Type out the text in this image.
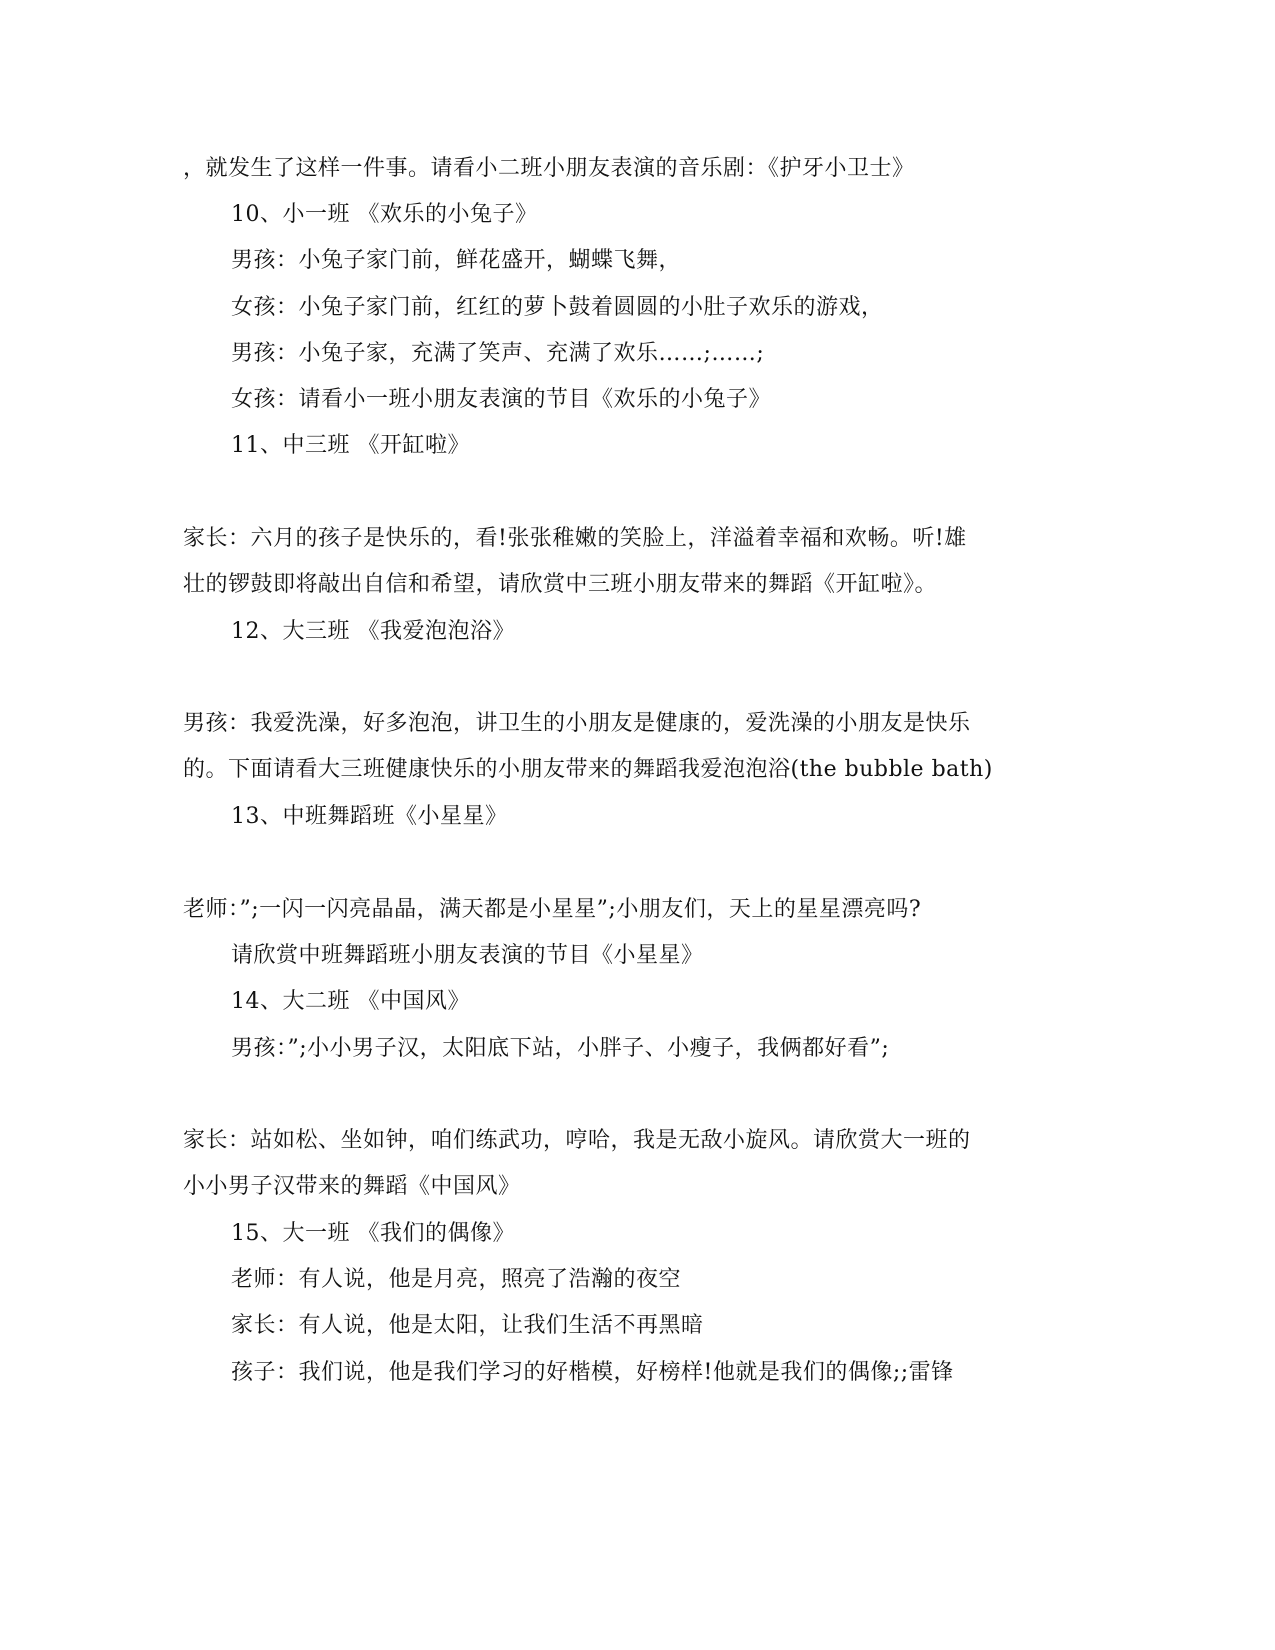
，就发生了这样一件事。请看小二班小朋友表演的音乐剧：《护牙小卫士》
10、小一班 《欢乐的小兔子》
男孩：小兔子家门前，鲜花盛开，蝴蝶飞舞，
女孩：小兔子家门前，红红的萝卜鼓着圆圆的小肚子欢乐的游戏，
男孩：小兔子家，充满了笑声、充满了欢乐……;……;
女孩：请看小一班小朋友表演的节目《欢乐的小兔子》
11、中三班 《开缸啦》
家长：六月的孩子是快乐的，看!张张稚嫩的笑脸上，洋溢着幸福和欢畅。听!雄
壮的锣鼓即将敲出自信和希望，请欣赏中三班小朋友带来的舞蹈《开缸啦》。
12、大三班 《我爱泡泡浴》
男孩：我爱洗澡，好多泡泡，讲卫生的小朋友是健康的，爱洗澡的小朋友是快乐
的。下面请看大三班健康快乐的小朋友带来的舞蹈我爱泡泡浴(the bubble bath)
13、中班舞蹈班《小星星》
老师：”;一闪一闪亮晶晶，满天都是小星星”;小朋友们，天上的星星漂亮吗?
请欣赏中班舞蹈班小朋友表演的节目《小星星》
14、大二班 《中国风》
男孩：”;小小男子汉，太阳底下站，小胖子、小瘦子，我俩都好看”;
家长：站如松、坐如钟，咱们练武功，哼哈，我是无敌小旋风。请欣赏大一班的
小小男子汉带来的舞蹈《中国风》
15、大一班 《我们的偶像》
老师：有人说，他是月亮，照亮了浩瀚的夜空
家长：有人说，他是太阳，让我们生活不再黑暗
孩子：我们说，他是我们学习的好楷模，好榜样!他就是我们的偶像;;雷锋
